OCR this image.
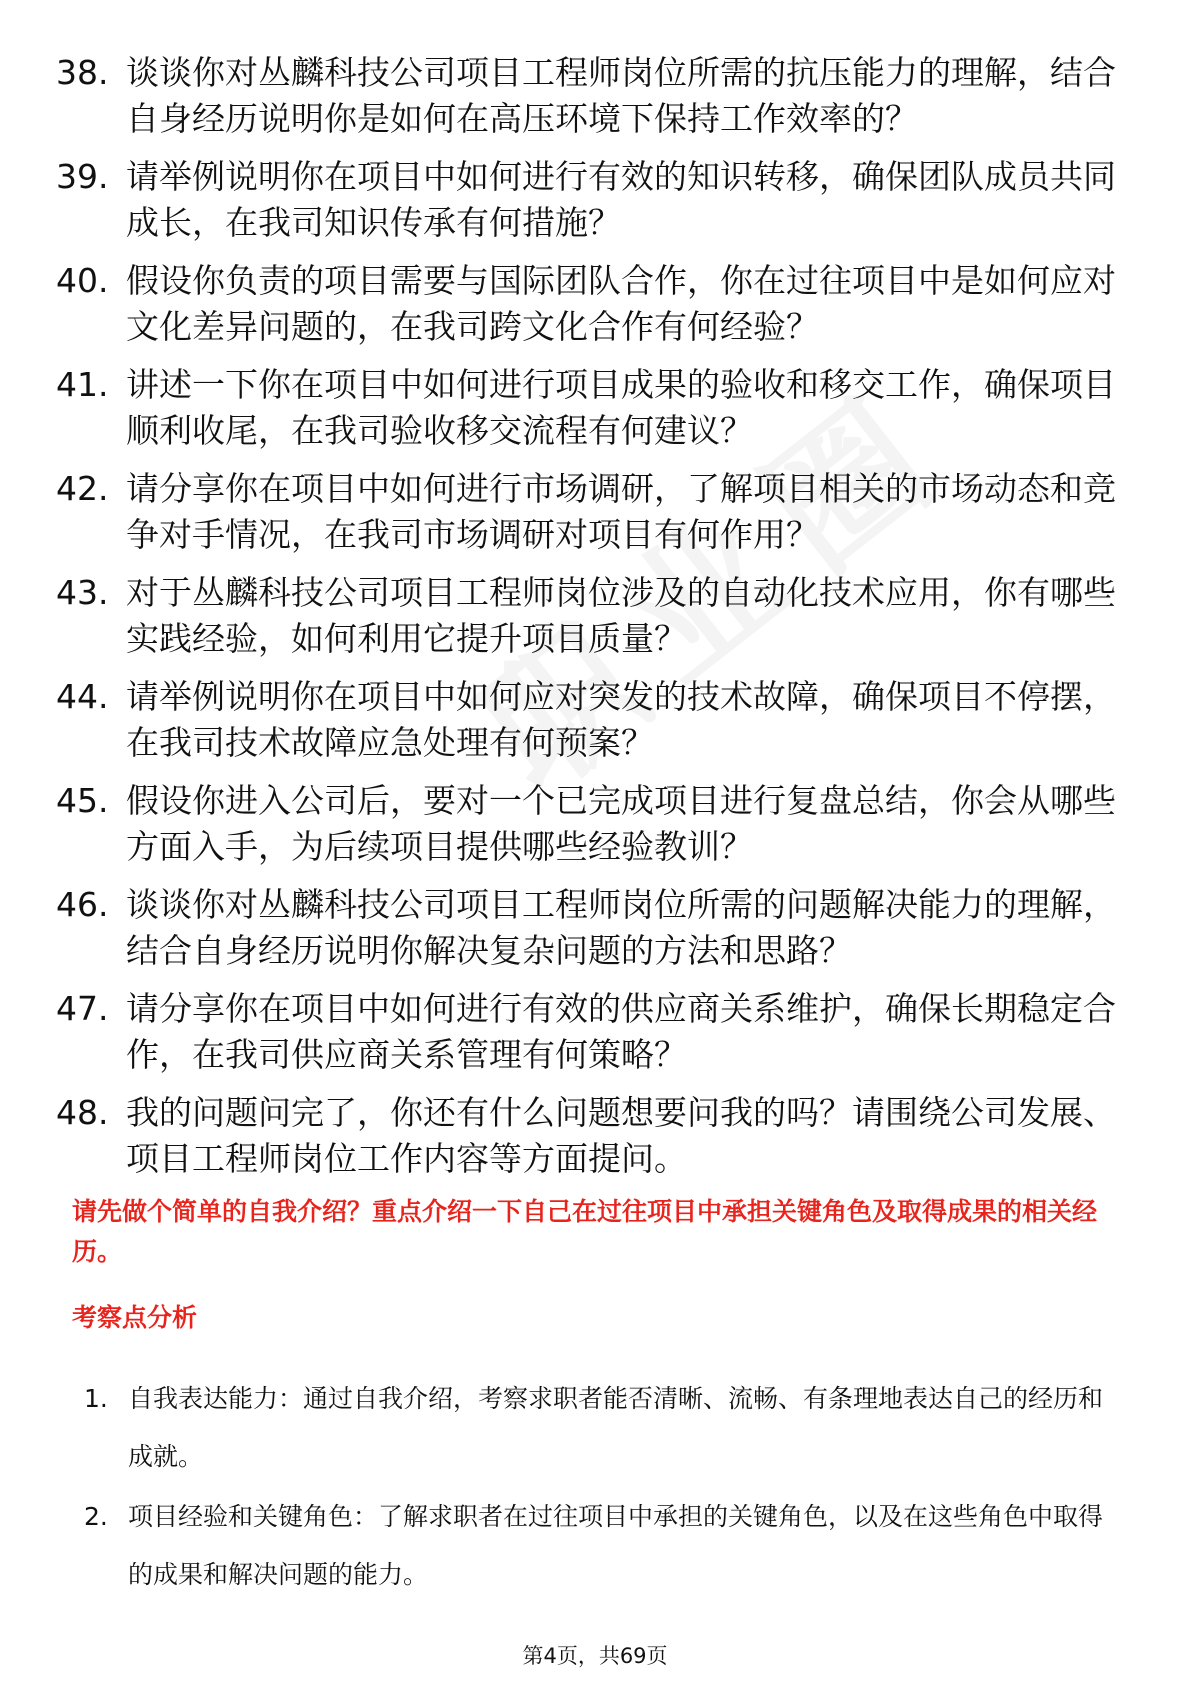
38. 谈谈你对丛麟科技公司项目工程师岗位所需的抗压能力的理解，结合自身经历说明你是如何在高压环境下保持工作效率的？
39. 请举例说明你在项目中如何进行有效的知识转移，确保团队成员共同成长，在我司知识传承有何措施？
40. 假设你负责的项目需要与国际团队合作，你在过往项目中是如何应对文化差异问题的，在我司跨文化合作有何经验？
41. 讲述一下你在项目中如何进行项目成果的验收和移交工作，确保项目顺利收尾，在我司验收移交流程有何建议？
42. 请分享你在项目中如何进行市场调研，了解项目相关的市场动态和竞争对手情况，在我司市场调研对项目有何作用？
43. 对于丛麟科技公司项目工程师岗位涉及的自动化技术应用，你有哪些实践经验，如何利用它提升项目质量？
44. 请举例说明你在项目中如何应对突发的技术故障，确保项目不停摆，在我司技术故障应急处理有何预案？
45. 假设你进入公司后，要对一个已完成项目进行复盘总结，你会从哪些方面入手，为后续项目提供哪些经验教训？
46. 谈谈你对丛麟科技公司项目工程师岗位所需的问题解决能力的理解，结合自身经历说明你解决复杂问题的方法和思路？
47. 请分享你在项目中如何进行有效的供应商关系维护，确保长期稳定合作，在我司供应商关系管理有何策略？
48. 我的问题问完了，你还有什么问题想要问我的吗？请围绕公司发展、项目工程师岗位工作内容等方面提问。
请先做个简单的自我介绍？重点介绍一下自己在过往项目中承担关键角色及取得成果的相关经历。
考察点分析
1. 自我表达能力：通过自我介绍，考察求职者能否清晰、流畅、有条理地表达自己的经历和成就。
2. 项目经验和关键角色：了解求职者在过往项目中承担的关键角色，以及在这些角色中取得的成果和解决问题的能力。
第4页，共69页
